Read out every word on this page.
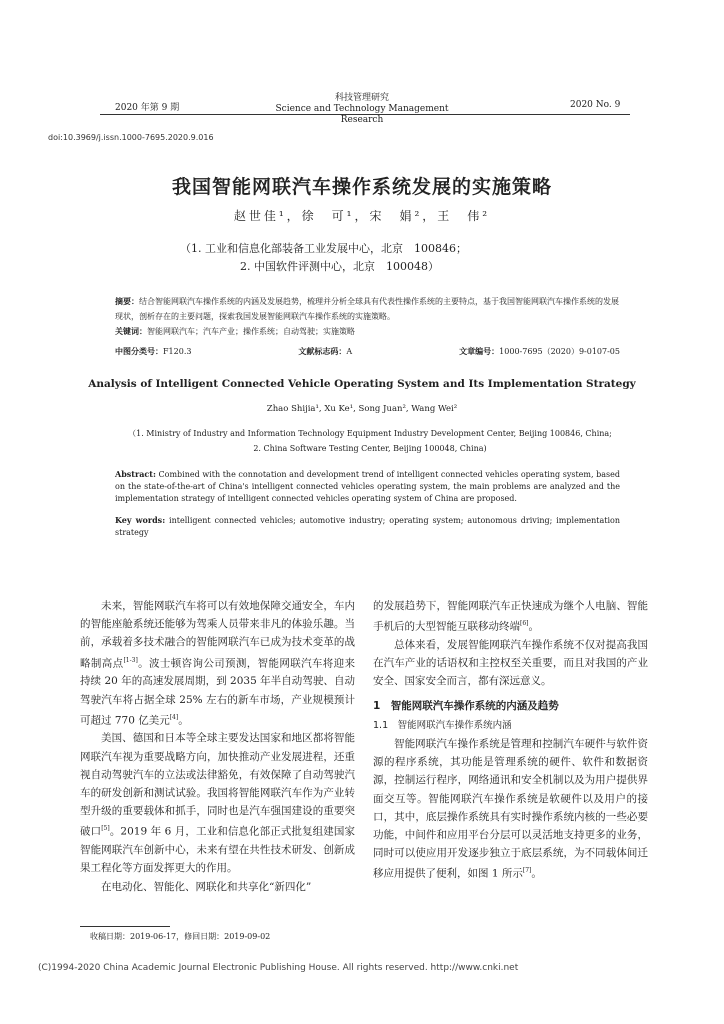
科技管理研究
Science and Technology Management Research
2020 年第 9 期	2020 No. 9
doi:10.3969/j.issn.1000-7695.2020.9.016
我国智能网联汽车操作系统发展的实施策略
赵世佳¹，徐　可¹，宋　娟²，王　伟²
（1. 工业和信息化部装备工业发展中心，北京　100846；
2. 中国软件评测中心，北京　100048）
摘要：结合智能网联汽车操作系统的内涵及发展趋势，梳理并分析全球具有代表性操作系统的主要特点，基于我国智能网联汽车操作系统的发展现状，剖析存在的主要问题，探索我国发展智能网联汽车操作系统的实施策略。
关键词：智能网联汽车；汽车产业；操作系统；自动驾驶；实施策略
中图分类号：F120.3	文献标志码：A	文章编号：1000-7695（2020）9-0107-05
Analysis of Intelligent Connected Vehicle Operating System and Its Implementation Strategy
Zhao Shijia¹, Xu Ke¹, Song Juan², Wang Wei²
（1. Ministry of Industry and Information Technology Equipment Industry Development Center, Beijing 100846, China;
2. China Software Testing Center, Beijing 100048, China)
Abstract: Combined with the connotation and development trend of intelligent connected vehicles operating system, based on the state-of-the-art of China's intelligent connected vehicles operating system, the main problems are analyzed and the implementation strategy of intelligent connected vehicles operating system of China are proposed.
Key words: intelligent connected vehicles; automotive industry; operating system; autonomous driving; implementation strategy

未来，智能网联汽车将可以有效地保障交通安全，车内的智能座舱系统还能够为驾乘人员带来非凡的体验乐趣。当前，承载着多技术融合的智能网联汽车已成为技术变革的战略制高点[1-3]。波士顿咨询公司预测，智能网联汽车将迎来持续 20 年的高速发展周期，到 2035 年半自动驾驶、自动驾驶汽车将占据全球 25% 左右的新车市场，产业规模预计可超过 770 亿美元[4]。

美国、德国和日本等全球主要发达国家和地区都将智能网联汽车视为重要战略方向，加快推动产业发展进程，还重视自动驾驶汽车的立法或法律豁免，有效保障了自动驾驶汽车的研发创新和测试试验。我国将智能网联汽车作为产业转型升级的重要载体和抓手，同时也是汽车强国建设的重要突破口[5]。2019 年 6 月，工业和信息化部正式批复组建国家智能网联汽车创新中心，未来有望在共性技术研发、创新成果工程化等方面发挥更大的作用。

在电动化、智能化、网联化和共享化“新四化”

的发展趋势下，智能网联汽车正快速成为继个人电脑、智能手机后的大型智能互联移动终端[6]。

总体来看，发展智能网联汽车操作系统不仅对提高我国在汽车产业的话语权和主控权至关重要，而且对我国的产业安全、国家安全而言，都有深远意义。

1　智能网联汽车操作系统的内涵及趋势
1.1　智能网联汽车操作系统内涵

智能网联汽车操作系统是管理和控制汽车硬件与软件资源的程序系统，其功能是管理系统的硬件、软件和数据资源，控制运行程序，网络通讯和安全机制以及为用户提供界面交互等。智能网联汽车操作系统是软硬件以及用户的接口，其中，底层操作系统具有实时操作系统内核的一些必要功能，中间件和应用平台分层可以灵活地支持更多的业务，同时可以使应用开发逐步独立于底层系统，为不同载体间迁移应用提供了便利，如图 1 所示[7]。

收稿日期：2019-06-17，修回日期：2019-09-02
(C)1994-2020 China Academic Journal Electronic Publishing House. All rights reserved. http://www.cnki.net
